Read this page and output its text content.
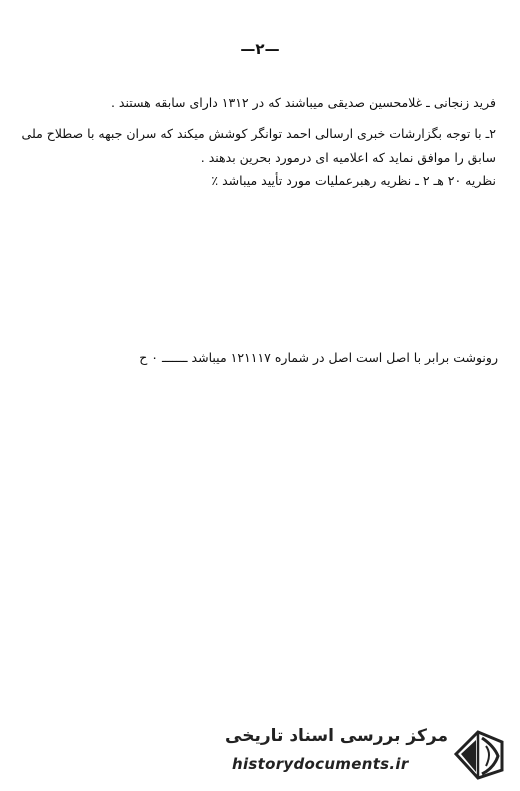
—۲—
فرید زنجانی ـ غلامحسین صدیقی میباشند که در ۱۳۱۲ دارای سابقه هستند .
۲ـ با توجه بگزارشات خبری ارسالی احمد توانگر کوشش میکند که سران جبهه با صطلاح ملی
سابق را موافق نماید که اعلامیه ای درمورد بحرین بدهند .
نظریه ۲۰ هـ ۲ ـ نظریه رهبرعملیات مورد تأیید میباشد ٪
رونوشت برابر با اصل است اصل در شماره ۱۲۱۱۱۷ میباشد ـــــــ ۰ ح
مرکز بررسی اسناد تاریخی
historydocuments.ir
